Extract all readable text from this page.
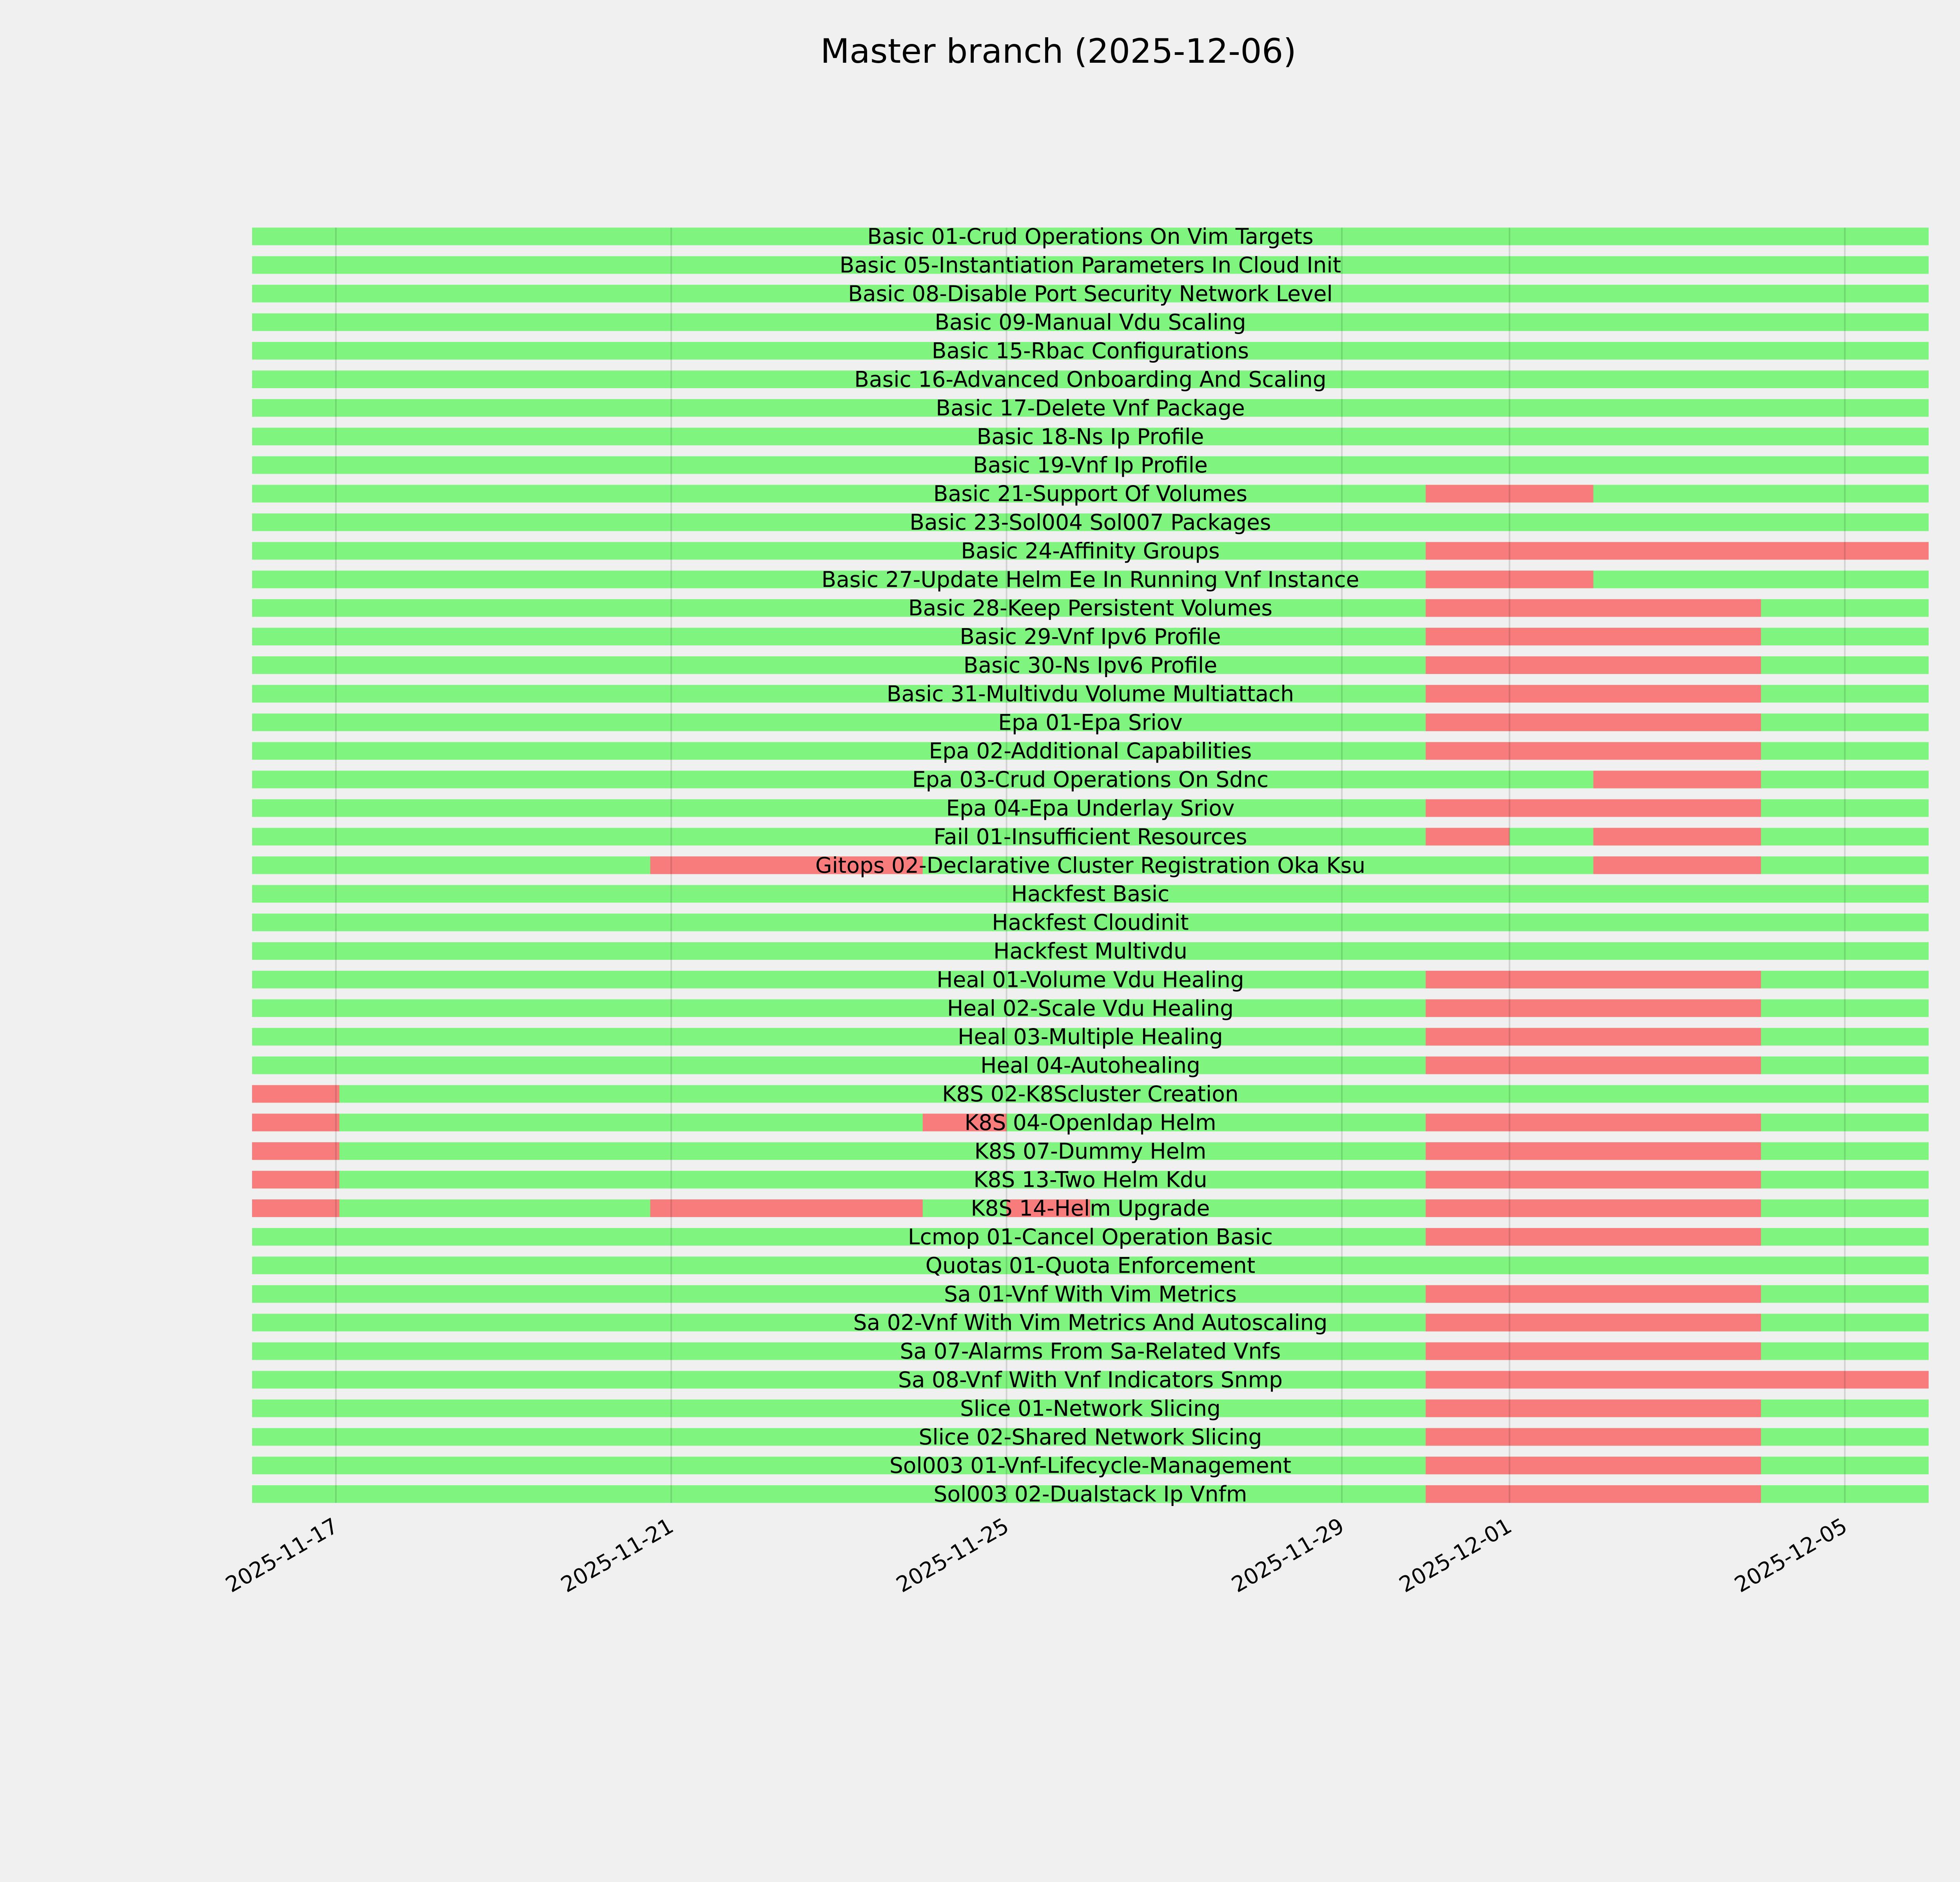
Master branch (2025-12-06)
Basic 01-Crud Operations On Vim Targets
Basic 05-Instantiation Parameters In Cloud Init
Basic 08-Disable Port Security Network Level
Basic 09-Manual Vdu Scaling
Basic 15-Rbac Configurations
Basic 16-Advanced Onboarding And Scaling
Basic 17-Delete Vnf Package
Basic 18-Ns Ip Profile
Basic 19-Vnf Ip Profile
Basic 21-Support Of Volumes
Basic 23-Sol004 Sol007 Packages
Basic 24-Affinity Groups
Basic 27-Update Helm Ee In Running Vnf Instance
Basic 28-Keep Persistent Volumes
Basic 29-Vnf Ipv6 Profile
Basic 30-Ns Ipv6 Profile
Basic 31-Multivdu Volume Multiattach
Epa 01-Epa Sriov
Epa 02-Additional Capabilities
Epa 03-Crud Operations On Sdnc
Epa 04-Epa Underlay Sriov
Fail 01-Insufficient Resources
Gitops 02-Declarative Cluster Registration Oka Ksu
Hackfest Basic
Hackfest Cloudinit
Hackfest Multivdu
Heal 01-Volume Vdu Healing
Heal 02-Scale Vdu Healing
Heal 03-Multiple Healing
Heal 04-Autohealing
K8S 02-K8Scluster Creation
K8S 04-Openldap Helm
K8S 07-Dummy Helm
K8S 13-Two Helm Kdu
K8S 14-Helm Upgrade
Lcmop 01-Cancel Operation Basic
Quotas 01-Quota Enforcement
Sa 01-Vnf With Vim Metrics
Sa 02-Vnf With Vim Metrics And Autoscaling
Sa 07-Alarms From Sa-Related Vnfs
Sa 08-Vnf With Vnf Indicators Snmp
Slice 01-Network Slicing
Slice 02-Shared Network Slicing
Sol003 01-Vnf-Lifecycle-Management
Sol003 02-Dualstack Ip Vnfm
2025-11-17	2025-11-21	2025-11-25	2025-11-29 2025-12-01	2025-12-05
